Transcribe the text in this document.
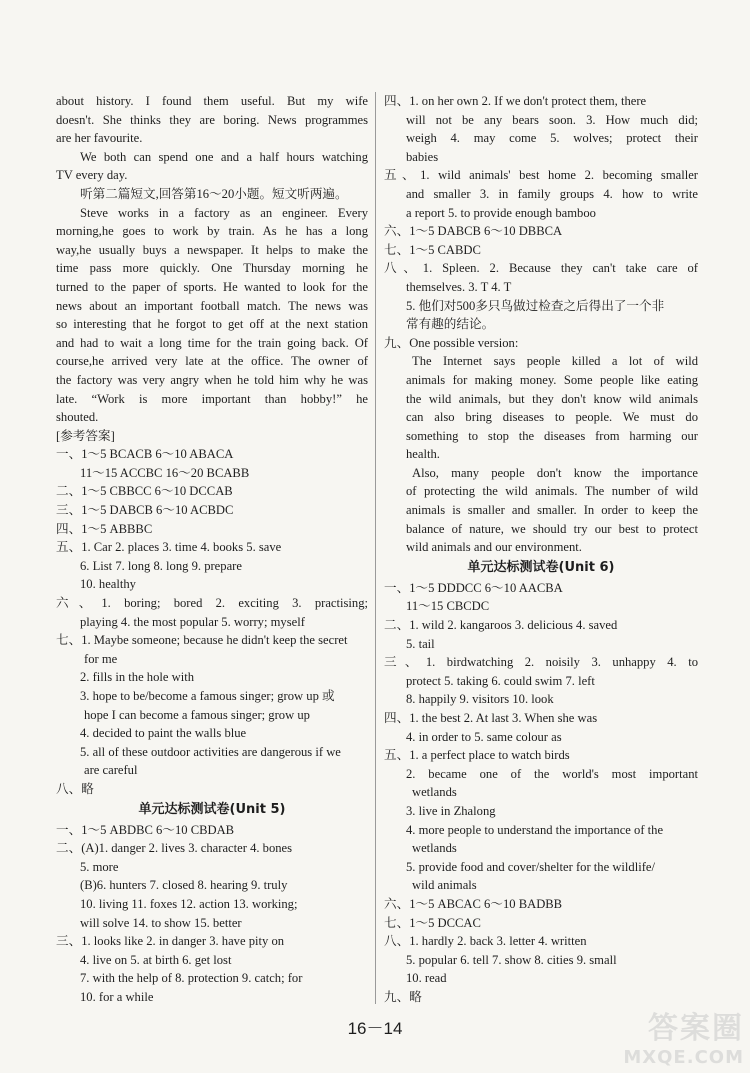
about history. I found them useful. But my wife
doesn't. She thinks they are boring. News programmes
are her favourite.
We both can spend one and a half hours watching
TV every day.
听第二篇短文,回答第16～20小题。短文听两遍。
Steve works in a factory as an engineer. Every
morning,he goes to work by train. As he has a long
way,he usually buys a newspaper. It helps to make the
time pass more quickly. One Thursday morning he
turned to the paper of sports. He wanted to look for the
news about an important football match. The news was
so interesting that he forgot to get off at the next station
and had to wait a long time for the train going back. Of
course,he arrived very late at the office. The owner of
the factory was very angry when he told him why he was
late. “Work is more important than hobby!” he
shouted.
[参考答案]
一、1～5 BCACB 6～10 ABACA
11～15 ACCBC 16～20 BCABB
二、1～5 CBBCC 6～10 DCCAB
三、1～5 DABCB 6～10 ACBDC
四、1～5 ABBBC
五、1. Car 2. places 3. time 4. books 5. save
6. List 7. long 8. long 9. prepare
10. healthy
六、1. boring; bored 2. exciting 3. practising;
playing 4. the most popular 5. worry; myself
七、1. Maybe someone; because he didn't keep the secret
for me
2. fills in the hole with
3. hope to be/become a famous singer; grow up 或
hope I can become a famous singer; grow up
4. decided to paint the walls blue
5. all of these outdoor activities are dangerous if we
are careful
八、略
单元达标测试卷(Unit 5)
一、1～5 ABDBC 6～10 CBDAB
二、(A)1. danger 2. lives 3. character 4. bones
5. more
(B)6. hunters 7. closed 8. hearing 9. truly
10. living 11. foxes 12. action 13. working;
will solve 14. to show 15. better
三、1. looks like 2. in danger 3. have pity on
4. live on 5. at birth 6. get lost
7. with the help of 8. protection 9. catch; for
10. for a while
四、1. on her own 2. If we don't protect them, there
will not be any bears soon. 3. How much did;
weigh 4. may come 5. wolves; protect their
babies
五、1. wild animals' best home 2. becoming smaller
and smaller 3. in family groups 4. how to write
a report 5. to provide enough bamboo
六、1～5 DABCB 6～10 DBBCA
七、1～5 CABDC
八、1. Spleen. 2. Because they can't take care of
themselves. 3. T 4. T
5. 他们对500多只鸟做过检查之后得出了一个非
常有趣的结论。
九、One possible version:
The Internet says people killed a lot of wild
animals for making money. Some people like eating
the wild animals, but they don't know wild animals
can also bring diseases to people. We must do
something to stop the diseases from harming our
health.
Also, many people don't know the importance
of protecting the wild animals. The number of wild
animals is smaller and smaller. In order to keep the
balance of nature, we should try our best to protect
wild animals and our environment.
单元达标测试卷(Unit 6)
一、1～5 DDDCC 6～10 AACBA
11～15 CBCDC
二、1. wild 2. kangaroos 3. delicious 4. saved
5. tail
三、1. birdwatching 2. noisily 3. unhappy 4. to
protect 5. taking 6. could swim 7. left
8. happily 9. visitors 10. look
四、1. the best 2. At last 3. When she was
4. in order to 5. same colour as
五、1. a perfect place to watch birds
2. became one of the world's most important
wetlands
3. live in Zhalong
4. more people to understand the importance of the
wetlands
5. provide food and cover/shelter for the wildlife/
wild animals
六、1～5 ABCAC 6～10 BADBB
七、1～5 DCCAC
八、1. hardly 2. back 3. letter 4. written
5. popular 6. tell 7. show 8. cities 9. small
10. read
九、略
16－14	答案圈
MXQE.COM
